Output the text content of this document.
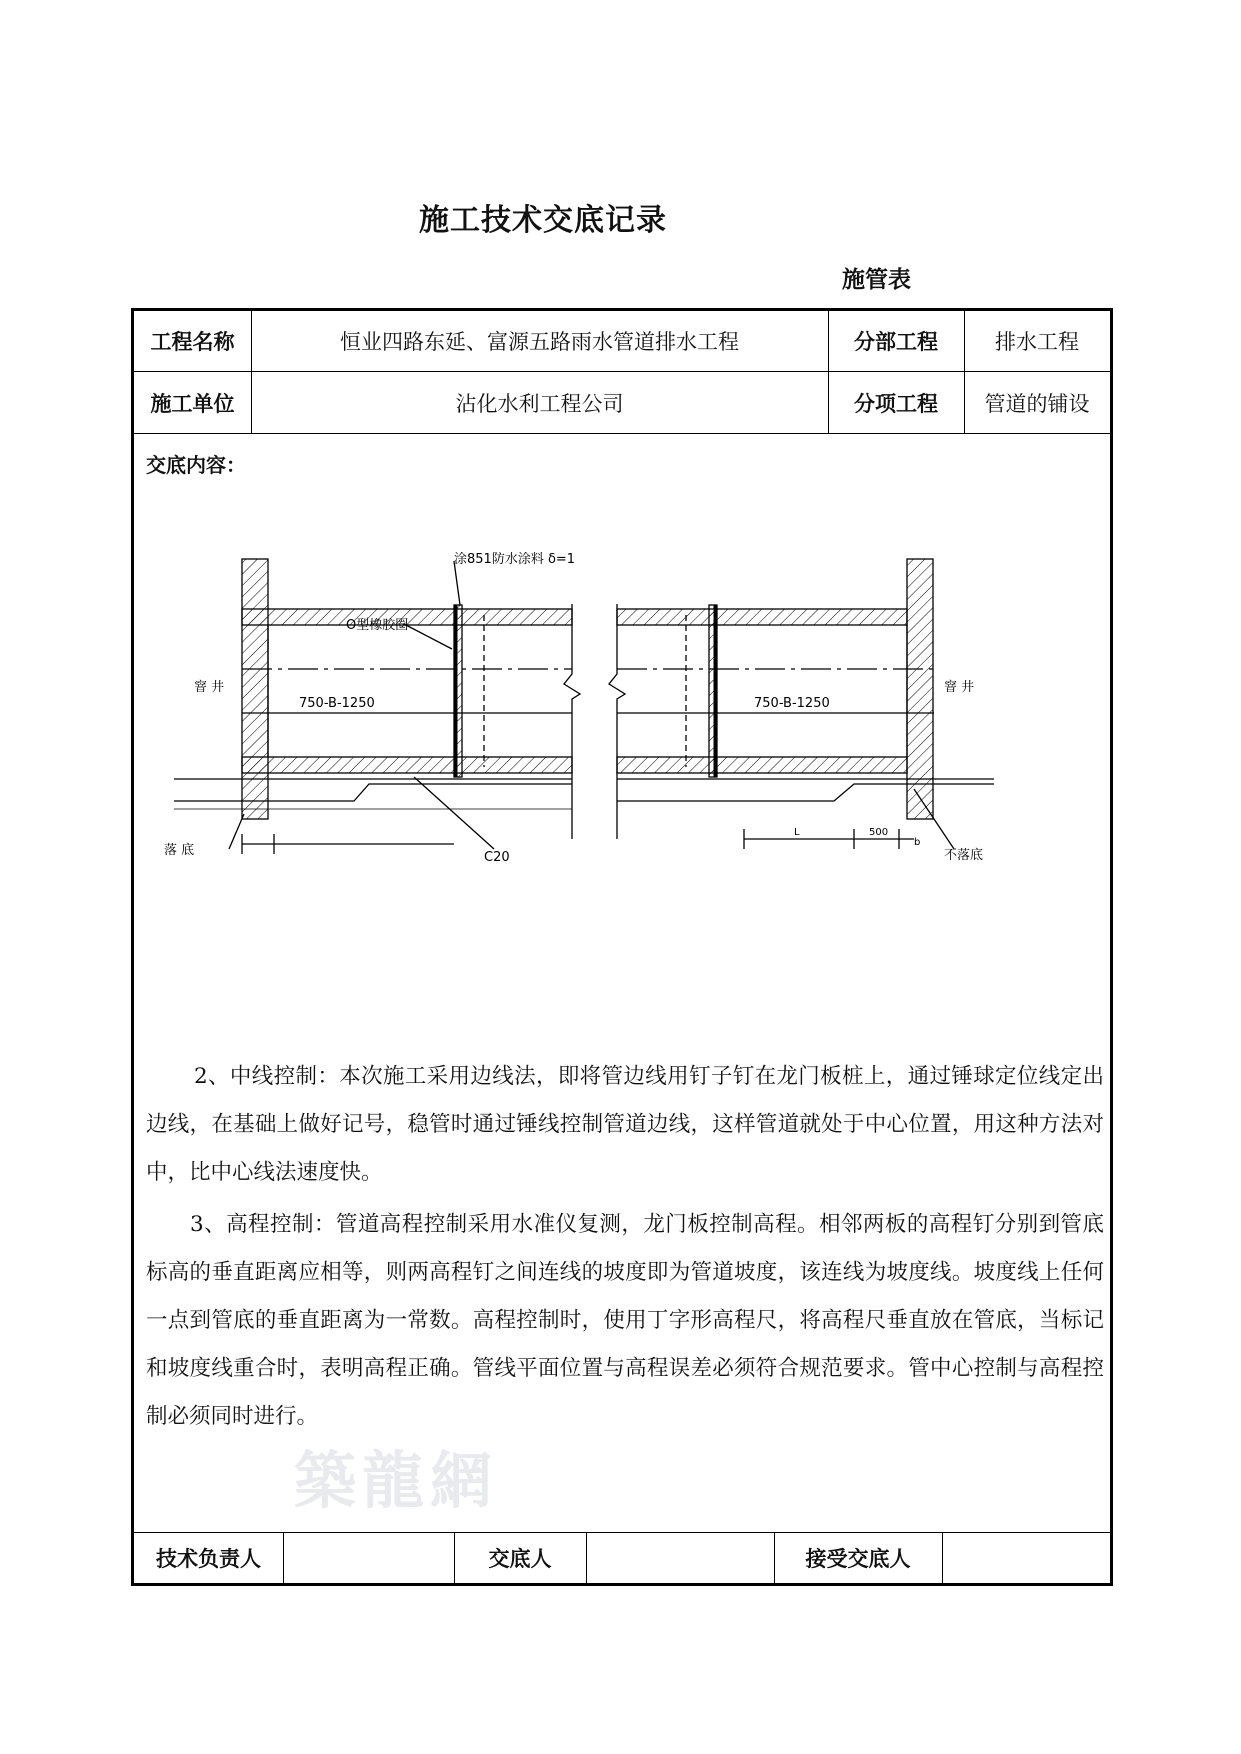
施工技术交底记录
施管表
工程名称	恒业四路东延、富源五路雨水管道排水工程	分部工程	排水工程
施工单位	沾化水利工程公司	分项工程	管道的铺设
交底内容：
涂851防水涂料 δ=1
O型橡胶圈
窨 井	窨 井
750-B-1250	750-B-1250
落 底	C20	不落底
L	500
b
2、中线控制：本次施工采用边线法，即将管边线用钉子钉在龙门板桩上，通过锤球定位线定出边线，在基础上做好记号，稳管时通过锤线控制管道边线，这样管道就处于中心位置，用这种方法对中，比中心线法速度快。
3、高程控制：管道高程控制采用水准仪复测，龙门板控制高程。相邻两板的高程钉分别到管底标高的垂直距离应相等，则两高程钉之间连线的坡度即为管道坡度，该连线为坡度线。坡度线上任何一点到管底的垂直距离为一常数。高程控制时，使用丁字形高程尺，将高程尺垂直放在管底，当标记和坡度线重合时，表明高程正确。管线平面位置与高程误差必须符合规范要求。管中心控制与高程控制必须同时进行。
築龍網
技术负责人	交底人	接受交底人
